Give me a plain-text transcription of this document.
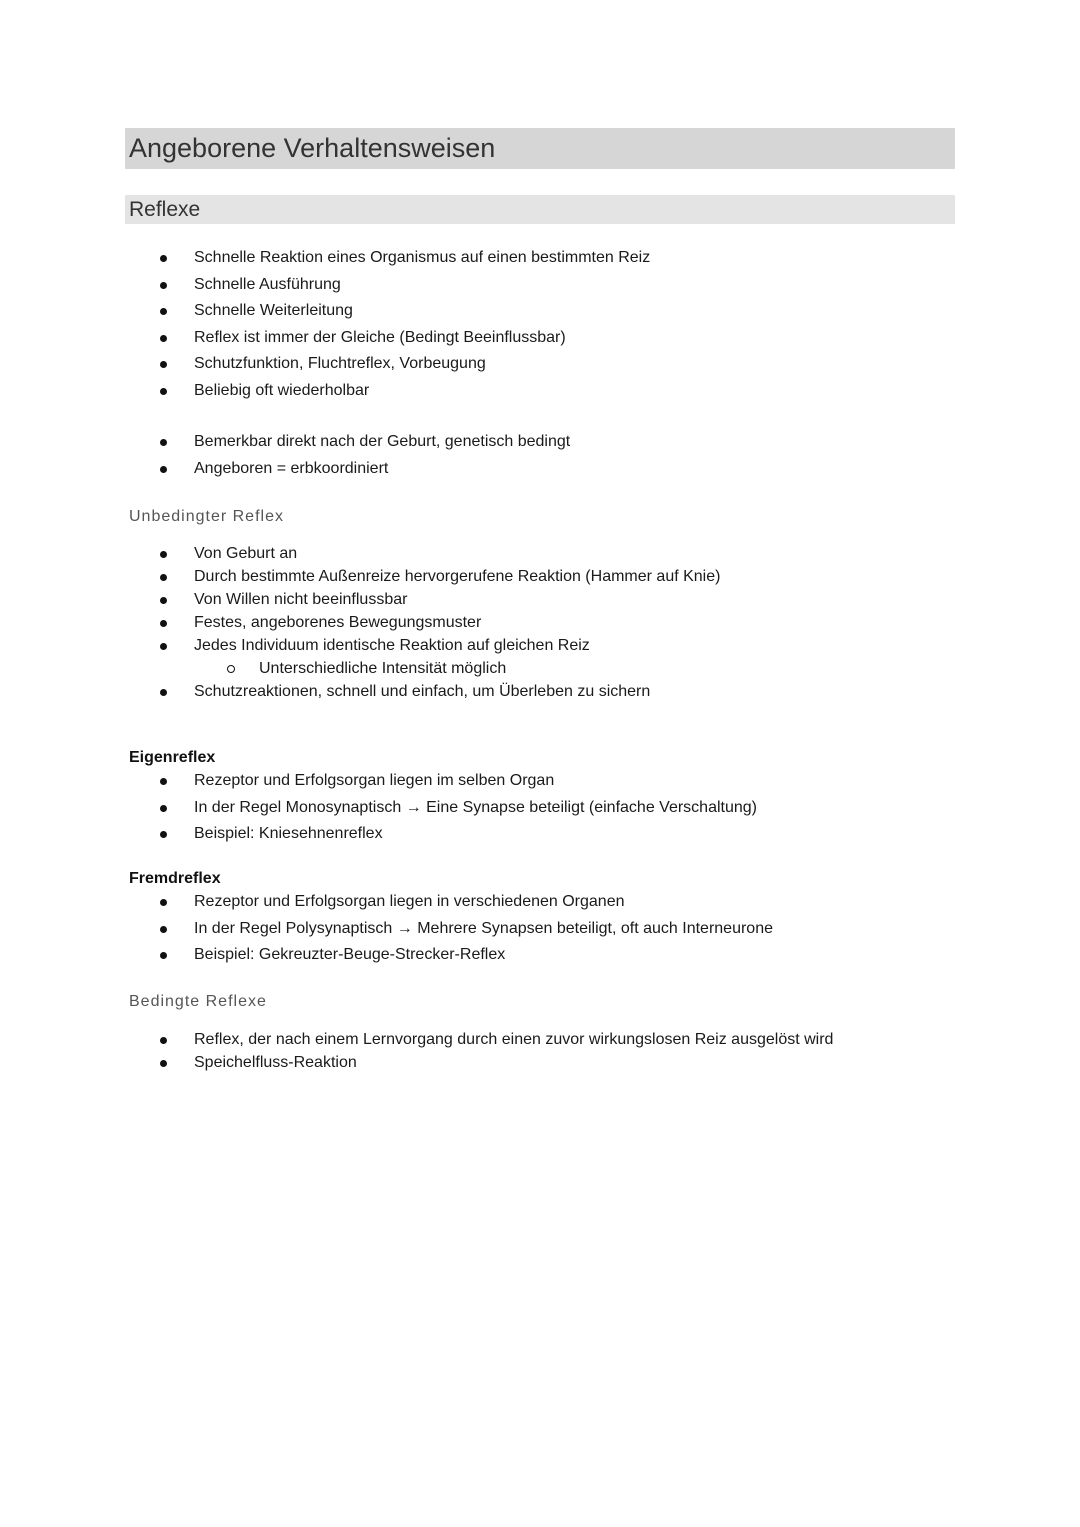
Angeborene Verhaltensweisen
Reflexe
Schnelle Reaktion eines Organismus auf einen bestimmten Reiz
Schnelle Ausführung
Schnelle Weiterleitung
Reflex ist immer der Gleiche (Bedingt Beeinflussbar)
Schutzfunktion, Fluchtreflex, Vorbeugung
Beliebig oft wiederholbar
Bemerkbar direkt nach der Geburt, genetisch bedingt
Angeboren = erbkoordiniert
Unbedingter Reflex
Von Geburt an
Durch bestimmte Außenreize hervorgerufene Reaktion (Hammer auf Knie)
Von Willen nicht beeinflussbar
Festes, angeborenes Bewegungsmuster
Jedes Individuum identische Reaktion auf gleichen Reiz
Unterschiedliche Intensität möglich
Schutzreaktionen, schnell und einfach, um Überleben zu sichern
Eigenreflex
Rezeptor und Erfolgsorgan liegen im selben Organ
In der Regel Monosynaptisch → Eine Synapse beteiligt (einfache Verschaltung)
Beispiel: Kniesehnenreflex
Fremdreflex
Rezeptor und Erfolgsorgan liegen in verschiedenen Organen
In der Regel Polysynaptisch → Mehrere Synapsen beteiligt, oft auch Interneurone
Beispiel: Gekreuzter-Beuge-Strecker-Reflex
Bedingte Reflexe
Reflex, der nach einem Lernvorgang durch einen zuvor wirkungslosen Reiz ausgelöst wird
Speichelfluss-Reaktion
